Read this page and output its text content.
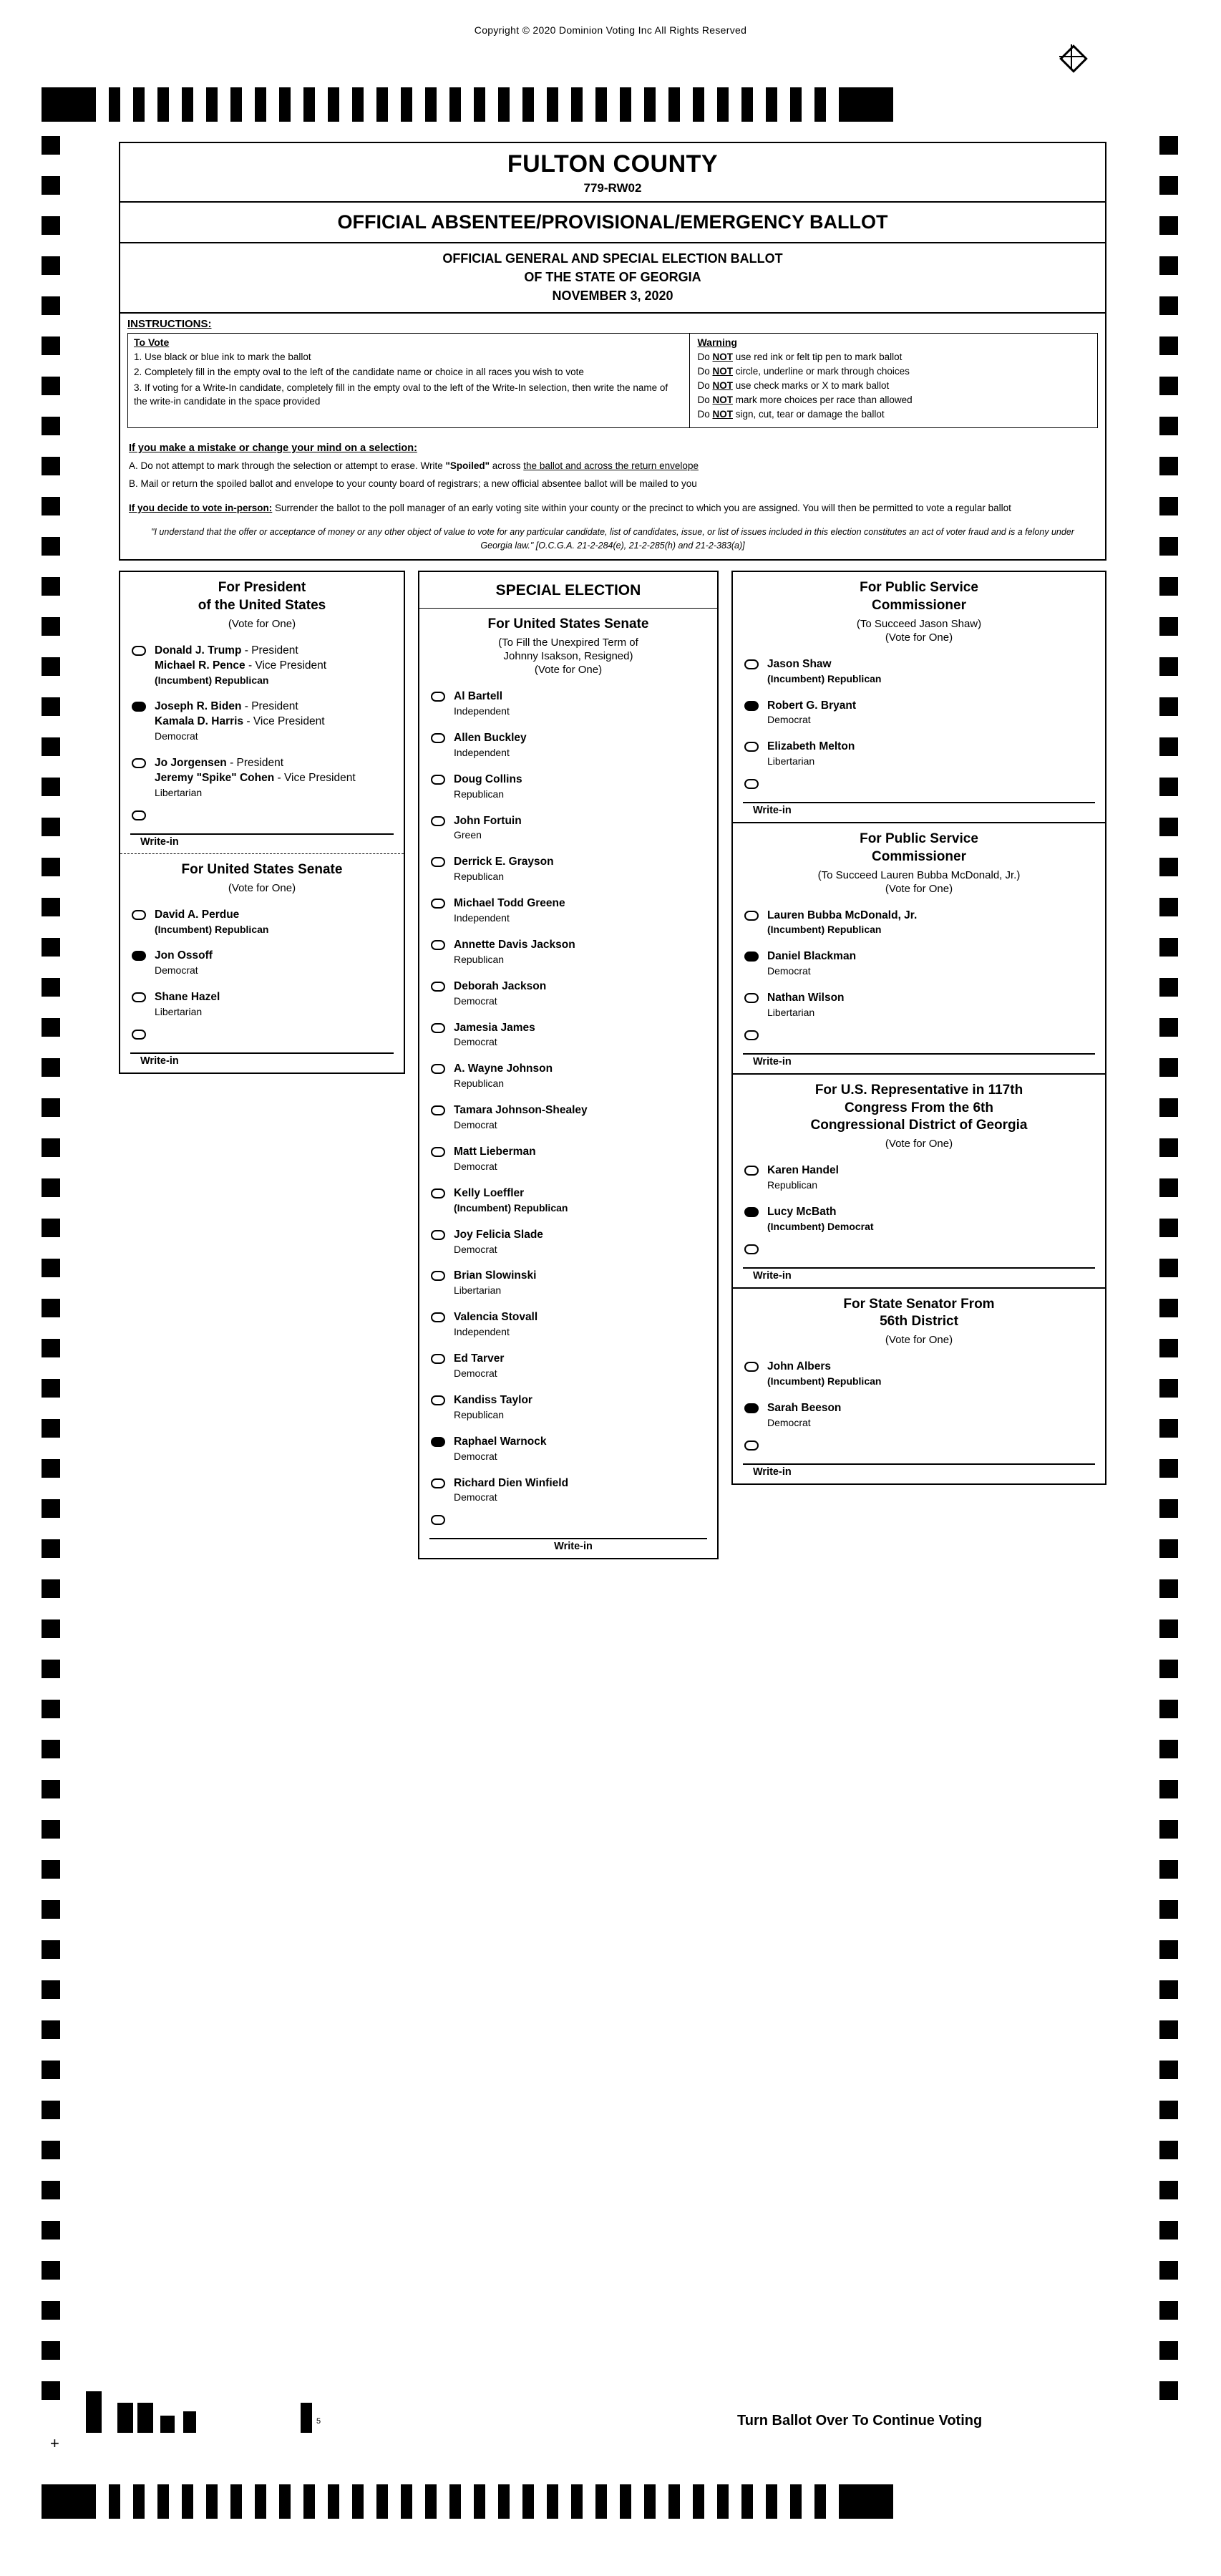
Copyright © 2020 Dominion Voting Inc All Rights Reserved
FULTON COUNTY
779-RW02
OFFICIAL ABSENTEE/PROVISIONAL/EMERGENCY BALLOT
OFFICIAL GENERAL AND SPECIAL ELECTION BALLOT
OF THE STATE OF GEORGIA
NOVEMBER 3, 2020
INSTRUCTIONS:
To Vote
1. Use black or blue ink to mark the ballot
2. Completely fill in the empty oval to the left of the candidate name or choice in all races you wish to vote
3. If voting for a Write-In candidate, completely fill in the empty oval to the left of the Write-In selection, then write the name of the write-in candidate in the space provided
Warning
Do NOT use red ink or felt tip pen to mark ballot
Do NOT circle, underline or mark through choices
Do NOT use check marks or X to mark ballot
Do NOT mark more choices per race than allowed
Do NOT sign, cut, tear or damage the ballot
If you make a mistake or change your mind on a selection:
A. Do not attempt to mark through the selection or attempt to erase. Write "Spoiled" across the ballot and across the return envelope
B. Mail or return the spoiled ballot and envelope to your county board of registrars; a new official absentee ballot will be mailed to you
If you decide to vote in-person: Surrender the ballot to the poll manager of an early voting site within your county or the precinct to which you are assigned. You will then be permitted to vote a regular ballot
"I understand that the offer or acceptance of money or any other object of value to vote for any particular candidate, list of candidates, issue, or list of issues included in this election constitutes an act of voter fraud and is a felony under Georgia law." [O.C.G.A. 21-2-284(e), 21-2-285(h) and 21-2-383(a)]
For President
of the United States
(Vote for One)
Donald J. Trump - President
Michael R. Pence - Vice President
(Incumbent) Republican
Joseph R. Biden - President
Kamala D. Harris - Vice President
Democrat
Jo Jorgensen - President
Jeremy "Spike" Cohen - Vice President
Libertarian
Write-in
For United States Senate
(Vote for One)
David A. Perdue
(Incumbent) Republican
Jon Ossoff
Democrat
Shane Hazel
Libertarian
Write-in
SPECIAL ELECTION
For United States Senate
(To Fill the Unexpired Term of
Johnny Isakson, Resigned)
(Vote for One)
Al Bartell
Independent
Allen Buckley
Independent
Doug Collins
Republican
John Fortuin
Green
Derrick E. Grayson
Republican
Michael Todd Greene
Independent
Annette Davis Jackson
Republican
Deborah Jackson
Democrat
Jamesia James
Democrat
A. Wayne Johnson
Republican
Tamara Johnson-Shealey
Democrat
Matt Lieberman
Democrat
Kelly Loeffler
(Incumbent) Republican
Joy Felicia Slade
Democrat
Brian Slowinski
Libertarian
Valencia Stovall
Independent
Ed Tarver
Democrat
Kandiss Taylor
Republican
Raphael Warnock
Democrat
Richard Dien Winfield
Democrat
Write-in
For Public Service
Commissioner
(To Succeed Jason Shaw)
(Vote for One)
Jason Shaw
(Incumbent) Republican
Robert G. Bryant
Democrat
Elizabeth Melton
Libertarian
Write-in
For Public Service
Commissioner
(To Succeed Lauren Bubba McDonald, Jr.)
(Vote for One)
Lauren Bubba McDonald, Jr.
(Incumbent) Republican
Daniel Blackman
Democrat
Nathan Wilson
Libertarian
Write-in
For U.S. Representative in 117th
Congress From the 6th
Congressional District of Georgia
(Vote for One)
Karen Handel
Republican
Lucy McBath
(Incumbent) Democrat
Write-in
For State Senator From
56th District
(Vote for One)
John Albers
(Incumbent) Republican
Sarah Beeson
Democrat
Write-in
Turn Ballot Over To Continue Voting
+
5
